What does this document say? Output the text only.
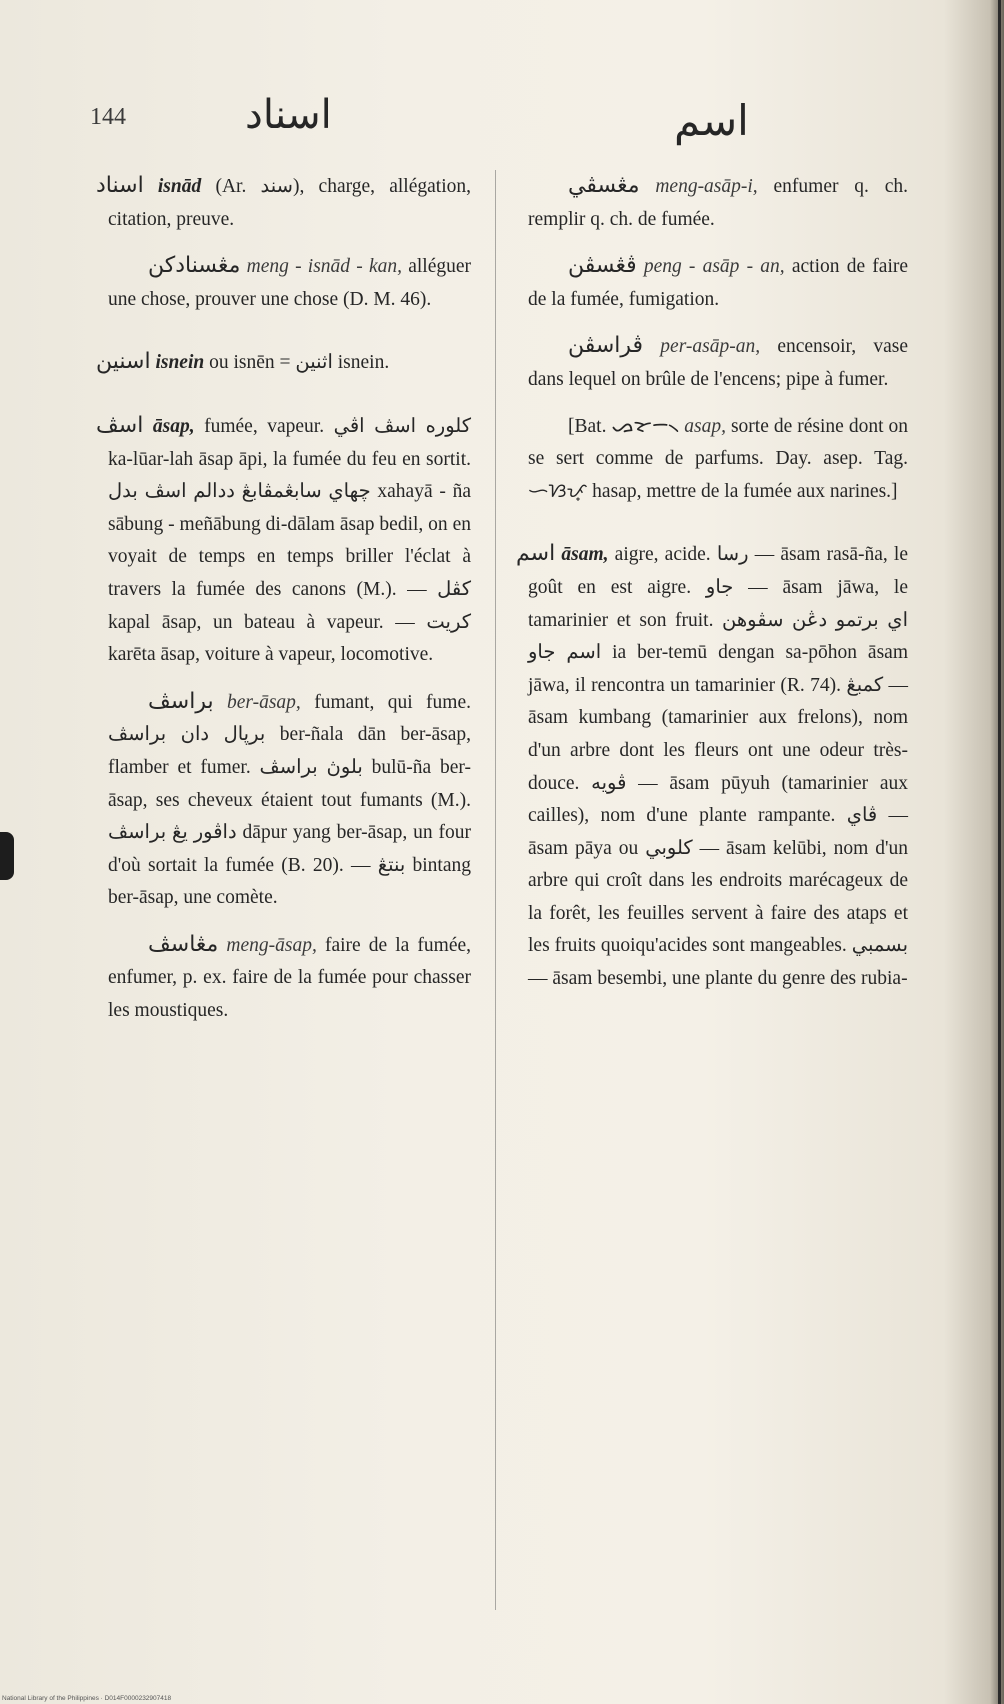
144	اسناد	اسم

اسناد isnād (Ar. سند), charge, allégation, citation, preuve.

مڠسنادکن meng - isnād - kan, alléguer une chose, prouver une chose (D. M. 46).

اسنين isnein ou isnēn = اثنين isnein.

اسڤ āsap, fumée, vapeur. کلوره اسڤ اڤي ka-lūar-lah āsap āpi, la fumée du feu en sortit. چهاي سابڠمڤابڠ ددالم اسڤ بدل xahayā - ña sābung - meñābung di-dālam āsap bedil, on en voyait de temps en temps briller l'éclat à travers la fumée des canons (M.). — کڤل kapal āsap, un bateau à vapeur. — کريت karēta āsap, voiture à vapeur, locomotive.

براسڤ ber-āsap, fumant, qui fume. برڽال دان براسڤ ber-ñala dān ber-āsap, flamber et fumer. بلوڽ براسڤ bulū-ña ber-āsap, ses cheveux étaient tout fumants (M.). داڤور يڠ براسڤ dāpur yang ber-āsap, un four d'où sortait la fumée (B. 20). — بنتڠ bintang ber-āsap, une comète.

مڠاسڤ meng-āsap, faire de la fumée, enfumer, p. ex. faire de la fumée pour chasser les moustiques.

مڠسڤي meng-asāp-i, enfumer q. ch. remplir q. ch. de fumée.

ڤڠسڤن peng - asāp - an, action de faire de la fumée, fumigation.

ڤراسڤن per-asāp-an, encensoir, vase dans lequel on brûle de l'encens; pipe à fumer.

[Bat. ᯀᯘᯇ᯲ asap, sorte de résine dont on se sert comme de parfums. Day. asep. Tag. ᜑᜐᜉ᜔ hasap, mettre de la fumée aux narines.]

اسم āsam, aigre, acide. رسا — āsam rasā-ña, le goût en est aigre. جاو — āsam jāwa, le tamarinier et son fruit. اي برتمو دڠن سڤوهن اسم جاو ia ber-temū dengan sa-pōhon āsam jāwa, il rencontra un tamarinier (R. 74). کمبڠ — āsam kumbang (tamarinier aux frelons), nom d'un arbre dont les fleurs ont une odeur très-douce. ڤويه — āsam pūyuh (tamarinier aux cailles), nom d'une plante rampante. ڤاي — āsam pāya ou کلوبي — āsam kelūbi, nom d'un arbre qui croît dans les endroits marécageux de la forêt, les feuilles servent à faire des ataps et les fruits quoiqu'acides sont mangeables. بسمبي — āsam besembi, une plante du genre des rubia-

National Library of the Philippines · D014F0000232907418
